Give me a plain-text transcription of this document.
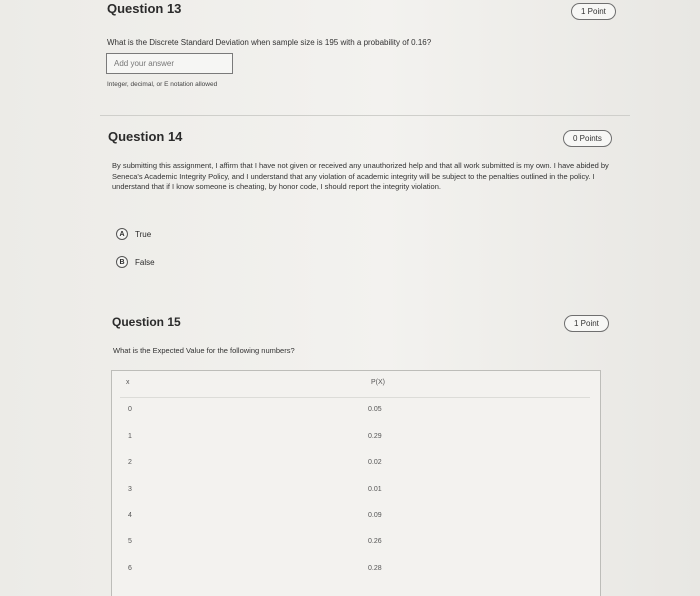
Question 13	1 Point
What is the Discrete Standard Deviation when sample size is 195 with a probability of 0.16?
Add your answer
Integer, decimal, or E notation allowed
Question 14	0 Points
By submitting this assignment, I affirm that I have not given or received any unauthorized help and that all work submitted is my own. I have abided by Seneca's Academic Integrity Policy, and I understand that any violation of academic integrity will be subject to the penalties outlined in the policy. I understand that if I know someone is cheating, by honor code, I should report the integrity violation.
A	True
B	False
Question 15	1 Point
What is the Expected Value for the following numbers?
x	P(X)
0	0.05
1	0.29
2	0.02
3	0.01
4	0.09
5	0.26
6	0.28
